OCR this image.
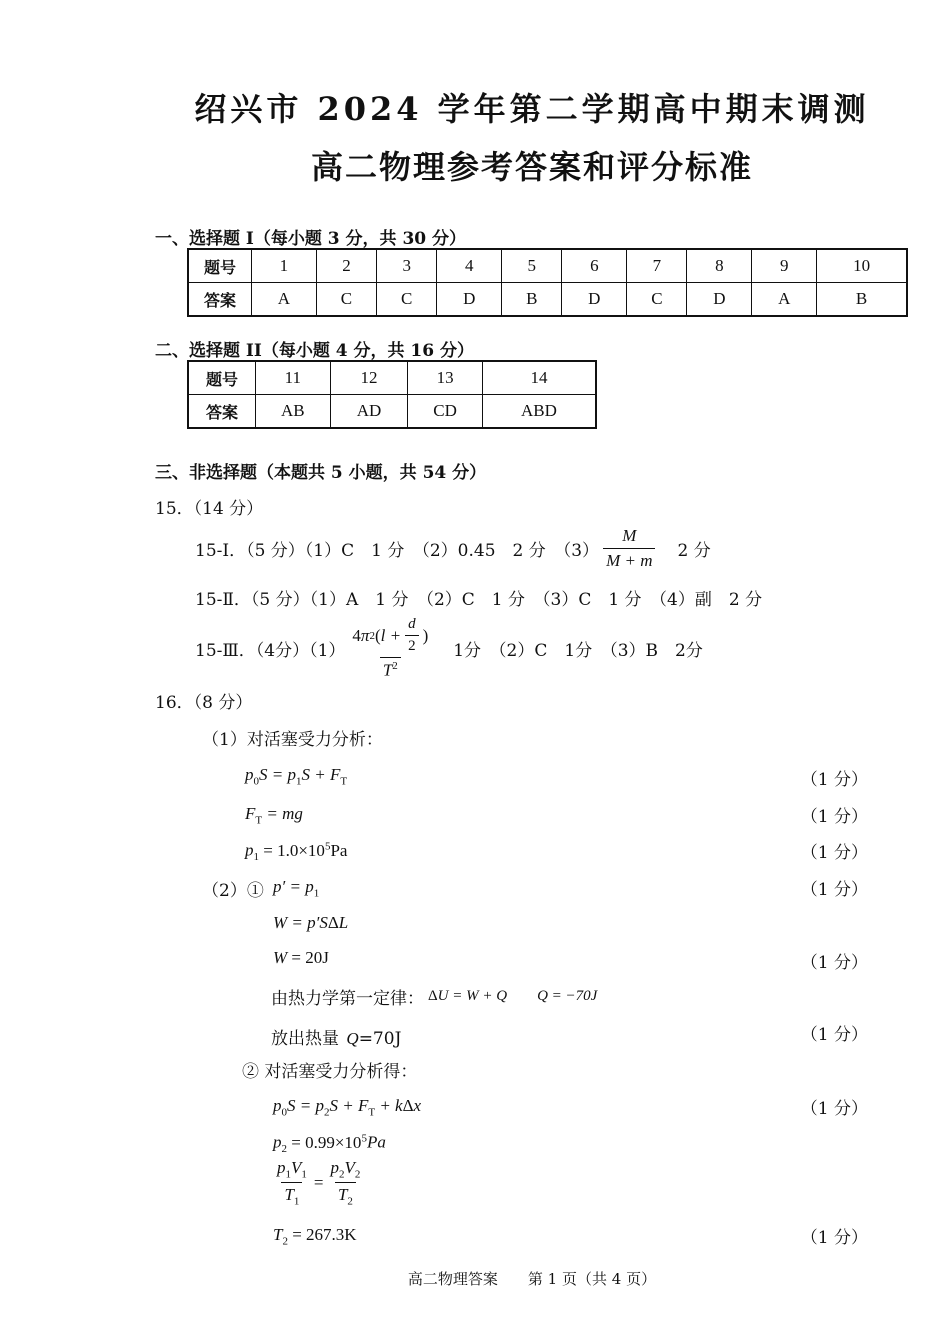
绍兴市 2024 学年第二学期高中期末调测
高二物理参考答案和评分标准
一、选择题 I（每小题 3 分，共 30 分）
题号	1	2	3	4	5	6	7	8	9	10
答案	A	C	C	D	B	D	C	D	A	B
二、选择题 II（每小题 4 分，共 16 分）
题号	11	12	13	14
答案	AB	AD	CD	ABD
三、非选择题（本题共 5 小题，共 54 分）
15．（14 分）
15-Ⅰ．（5 分）（1）C　1 分　（2）0.45　2 分　$(3) \frac{M}{M + m} 2$ 分
15-Ⅱ．（5 分）（1）A　1 分　（2）C　1 分　（3）C　1 分　（4）副　2 分
15-Ⅲ．（4分）$(1) \frac{4 \pi 2 ( l + \frac{d}{2} )}{T^2} 1$分　（2）C　1分　（3）B　2分
16．（8 分）
（1）对活塞受力分析：
$p_0S = p_1S + F_T$	（1 分）
$F_T$ = mg	（1 分）
$p_1 = 1.0\times 10^5Pa$	（1 分）
（2）① $p' = p_1$	（1 分）
W = p′SΔL
W = 20J	（1 分）
由热力学第一定律： ΔU = W + Q Q = −70J
放出热量 Q=70J	（1 分）
② 对活塞受力分析得：
$p_0S = p_2S + F_T + k\Delta x$	（1 分）
$p_2 = 0.99\times 10^5Pa$
$\frac{p_1V_1}{T_1} = \frac{p_2V_2}{T_2}$
$T_2 = 267.3K$	（1 分）
高二物理答案　　第 1 页（共 4 页）
